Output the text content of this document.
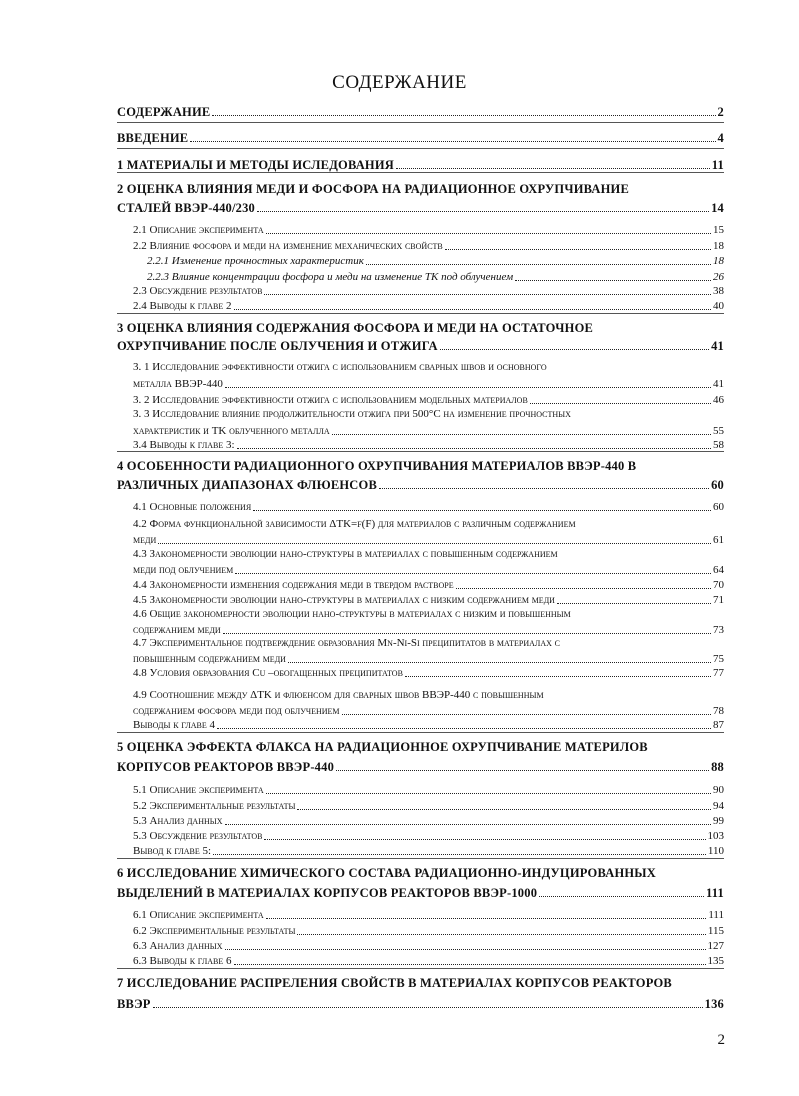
СОДЕРЖАНИЕ
СОДЕРЖАНИЕ	2
ВВЕДЕНИЕ	4
1 МАТЕРИАЛЫ И МЕТОДЫ ИСЛЕДОВАНИЯ	11
2 ОЦЕНКА ВЛИЯНИЯ МЕДИ И ФОСФОРА НА РАДИАЦИОННОЕ ОХРУПЧИВАНИЕ
СТАЛЕЙ ВВЭР-440/230	14
2.1 Описание эксперимента	15
2.2 Влияние фосфора и меди на изменение механических свойств	18
2.2.1 Изменение прочностных характеристик	18
2.2.3 Влияние концентрации фосфора и меди на изменение TK под облучением	26
2.3 Обсуждение результатов	38
2.4 Выводы к главе 2	40
3 ОЦЕНКА ВЛИЯНИЯ СОДЕРЖАНИЯ ФОСФОРА И МЕДИ НА ОСТАТОЧНОЕ
ОХРУПЧИВАНИЕ ПОСЛЕ ОБЛУЧЕНИЯ И ОТЖИГА	41
3. 1 Исследование эффективности отжига с использованием сварных швов и основного
металла ВВЭР-440	41
3. 2 Исследование эффективности отжига с использованием модельных материалов	46
3. 3 Исследование влияние продолжительности отжига при 500°C на изменение прочностных
характеристик и TK облученного металла	55
3.4 Выводы к главе 3:	58
4 ОСОБЕННОСТИ РАДИАЦИОННОГО ОХРУПЧИВАНИЯ МАТЕРИАЛОВ ВВЭР-440 В
РАЗЛИЧНЫХ ДИАПАЗОНАХ ФЛЮЕНСОВ	60
4.1 Основные положения	60
4.2 Форма функциональной зависимости ΔTK=f(F) для материалов с различным содержанием
меди	61
4.3 Закономерности эволюции нано-структуры в материалах с повышенным содержанием
меди под облучением	64
4.4 Закономерности изменения содержания меди в твердом растворе	70
4.5 Закономерности эволюции нано-структуры в материалах с низким содержанием меди	71
4.6 Общие закономерности эволюции нано-структуры в материалах с низким и повышенным
содержанием меди	73
4.7 Экспериментальное подтверждение образования Mn-Ni-Si преципитатов в материалах с
повышенным содержанием меди	75
4.8 Условия образования Cu –обогащенных преципитатов	77
4.9 Соотношение между ΔTK и флюенсом для сварных швов ВВЭР-440 с повышенным
содержанием фосфора меди под облучением	78
Выводы к главе 4	87
5 ОЦЕНКА ЭФФЕКТА ФЛАКСА НА РАДИАЦИОННОЕ ОХРУПЧИВАНИЕ МАТЕРИЛОВ
КОРПУСОВ РЕАКТОРОВ ВВЭР-440	88
5.1 Описание эксперимента	90
5.2 Экспериментальные результаты	94
5.3 Анализ данных	99
5.3 Обсуждение результатов	103
Вывод к главе 5:	110
6 ИССЛЕДОВАНИЕ ХИМИЧЕСКОГО СОСТАВА РАДИАЦИОННО-ИНДУЦИРОВАННЫХ
ВЫДЕЛЕНИЙ В МАТЕРИАЛАХ КОРПУСОВ РЕАКТОРОВ ВВЭР-1000	111
6.1 Описание эксперимента	111
6.2 Экспериментальные результаты	115
6.3 Анализ данных	127
6.3 Выводы к главе 6	135
7 ИССЛЕДОВАНИЕ РАСПРЕЛЕНИЯ СВОЙСТВ В МАТЕРИАЛАХ КОРПУСОВ РЕАКТОРОВ
ВВЭР	136
2
